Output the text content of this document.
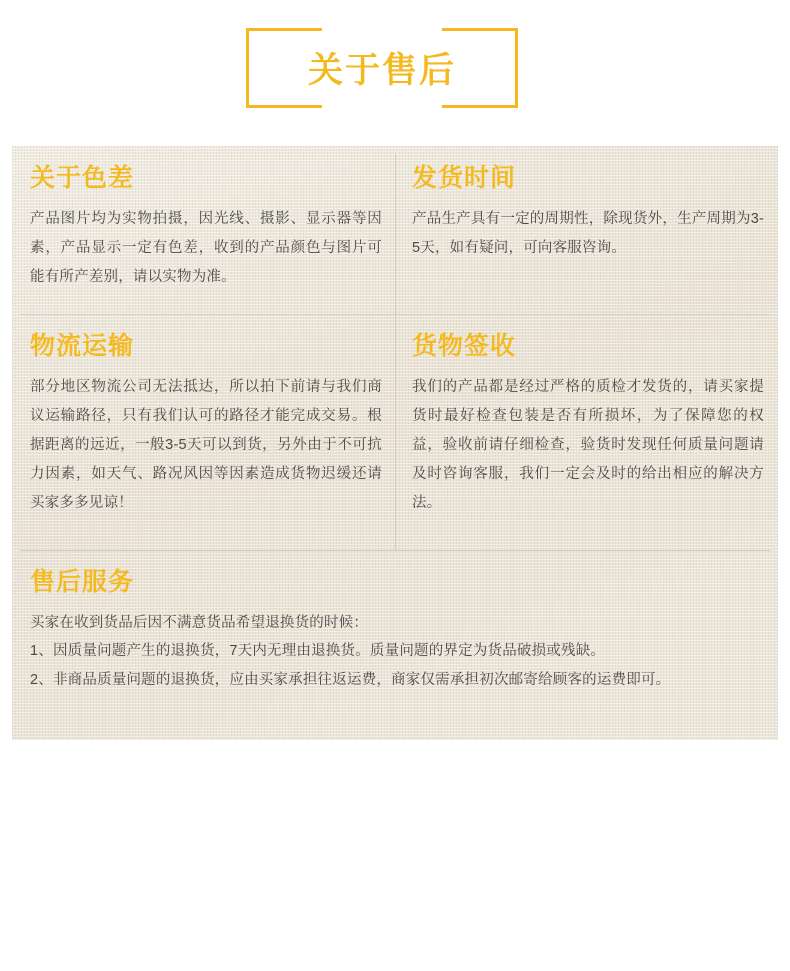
关于售后
关于色差

产品图片均为实物拍摄，因光线、摄影、显示器等因素，产品显示一定有色差，收到的产品颜色与图片可能有所产差别，请以实物为准。

发货时间

产品生产具有一定的周期性，除现货外，生产周期为3-5天，如有疑问，可向客服咨询。

物流运输

部分地区物流公司无法抵达，所以拍下前请与我们商议运输路径，只有我们认可的路径才能完成交易。根据距离的远近，一般3-5天可以到货，另外由于不可抗力因素，如天气、路况风因等因素造成货物迟缓还请买家多多见谅！

货物签收

我们的产品都是经过严格的质检才发货的，请买家提货时最好检查包装是否有所损坏，为了保障您的权益，验收前请仔细检查，验货时发现任何质量问题请及时咨询客服，我们一定会及时的给出相应的解决方法。

售后服务
买家在收到货品后因不满意货品希望退换货的时候：
1、因质量问题产生的退换货，7天内无理由退换货。质量问题的界定为货品破损或残缺。
2、非商品质量问题的退换货，应由买家承担往返运费，商家仅需承担初次邮寄给顾客的运费即可。
